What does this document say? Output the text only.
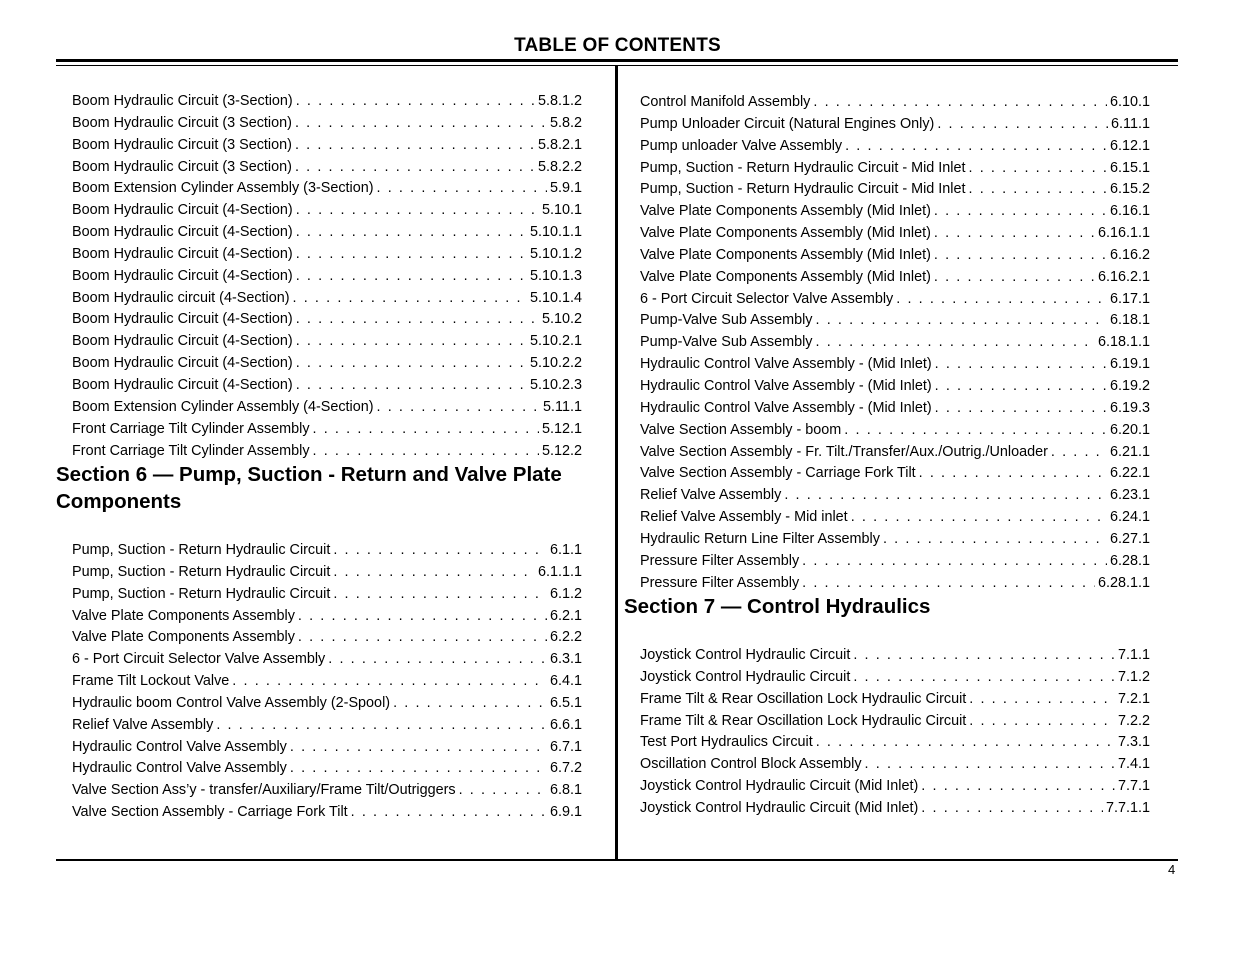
TABLE OF CONTENTS
Boom Hydraulic Circuit (3-Section) . . .	5.8.1.2
Boom Hydraulic Circuit (3 Section) . . .	5.8.2
Boom Hydraulic Circuit (3 Section) . . .	5.8.2.1
Boom Hydraulic Circuit (3 Section) . . .	5.8.2.2
Boom Extension Cylinder Assembly (3-Section) . . .	5.9.1
Boom Hydraulic Circuit (4-Section) . . .	5.10.1
Boom Hydraulic Circuit (4-Section) . . .	5.10.1.1
Boom Hydraulic Circuit (4-Section) . . .	5.10.1.2
Boom Hydraulic Circuit (4-Section) . . .	5.10.1.3
Boom Hydraulic circuit (4-Section) . . .	5.10.1.4
Boom Hydraulic Circuit (4-Section) . . .	5.10.2
Boom Hydraulic Circuit (4-Section) . . .	5.10.2.1
Boom Hydraulic Circuit (4-Section) . . .	5.10.2.2
Boom Hydraulic Circuit (4-Section) . . .	5.10.2.3
Boom Extension Cylinder Assembly (4-Section) . . .	5.11.1
Front Carriage Tilt Cylinder Assembly . . .	5.12.1
Front Carriage Tilt Cylinder Assembly . . .	5.12.2
Section 6 — Pump, Suction - Return and Valve Plate Components
Pump, Suction - Return Hydraulic Circuit . . .	6.1.1
Pump, Suction - Return Hydraulic Circuit . . .	6.1.1.1
Pump, Suction - Return Hydraulic Circuit . . .	6.1.2
Valve Plate Components Assembly . . .	6.2.1
Valve Plate Components Assembly . . .	6.2.2
6 - Port Circuit Selector Valve Assembly . . .	6.3.1
Frame Tilt Lockout Valve . . .	6.4.1
Hydraulic boom Control Valve Assembly (2-Spool) . . .	6.5.1
Relief Valve Assembly . . .	6.6.1
Hydraulic Control Valve Assembly . . .	6.7.1
Hydraulic Control Valve Assembly . . .	6.7.2
Valve Section Ass’y - transfer/Auxiliary/Frame Tilt/Outriggers . . .	6.8.1
Valve Section Assembly - Carriage Fork Tilt . . .	6.9.1
Control Manifold Assembly . . .	6.10.1
Pump Unloader Circuit (Natural Engines Only) . . .	6.11.1
Pump unloader Valve Assembly . . .	6.12.1
Pump, Suction - Return Hydraulic Circuit - Mid Inlet . . .	6.15.1
Pump, Suction - Return Hydraulic Circuit - Mid Inlet . . .	6.15.2
Valve Plate Components Assembly (Mid Inlet) . . .	6.16.1
Valve Plate Components Assembly (Mid Inlet) . . .	6.16.1.1
Valve Plate Components Assembly (Mid Inlet) . . .	6.16.2
Valve Plate Components Assembly (Mid Inlet) . . .	6.16.2.1
6 - Port Circuit Selector Valve Assembly . . .	6.17.1
Pump-Valve Sub Assembly . . .	6.18.1
Pump-Valve Sub Assembly . . .	6.18.1.1
Hydraulic Control Valve Assembly - (Mid Inlet) . . .	6.19.1
Hydraulic Control Valve Assembly - (Mid Inlet) . . .	6.19.2
Hydraulic Control Valve Assembly - (Mid Inlet) . . .	6.19.3
Valve Section Assembly - boom . . .	6.20.1
Valve Section Assembly - Fr. Tilt./Transfer/Aux./Outrig./Unloader . . .	6.21.1
Valve Section Assembly - Carriage Fork Tilt . . .	6.22.1
Relief Valve Assembly . . .	6.23.1
Relief Valve Assembly - Mid inlet . . .	6.24.1
Hydraulic Return Line Filter Assembly . . .	6.27.1
Pressure Filter Assembly . . .	6.28.1
Pressure Filter Assembly . . .	6.28.1.1
Section 7 — Control Hydraulics
Joystick Control Hydraulic Circuit . . .	7.1.1
Joystick Control Hydraulic Circuit . . .	7.1.2
Frame Tilt & Rear Oscillation Lock Hydraulic Circuit . . .	7.2.1
Frame Tilt & Rear Oscillation Lock Hydraulic Circuit . . .	7.2.2
Test Port Hydraulics Circuit . . .	7.3.1
Oscillation Control Block Assembly . . .	7.4.1
Joystick Control Hydraulic Circuit (Mid Inlet) . . .	7.7.1
Joystick Control Hydraulic Circuit (Mid Inlet) . . .	7.7.1.1
4
